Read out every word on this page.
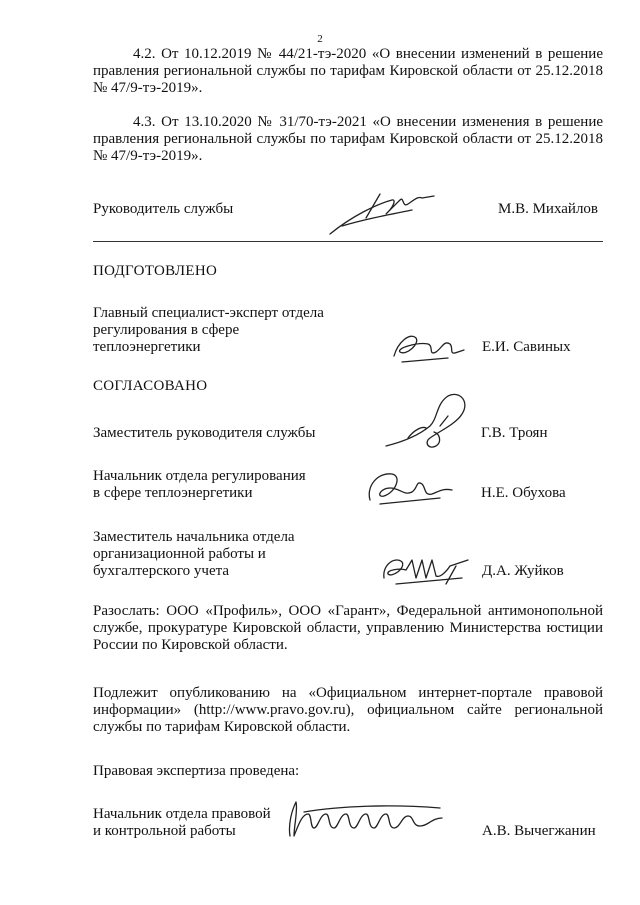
2

4.2. От 10.12.2019 № 44/21-тэ-2020 «О внесении изменений в решение правления региональной службы по тарифам Кировской области от 25.12.2018 № 47/9-тэ-2019».

4.3. От 13.10.2020 № 31/70-тэ-2021 «О внесении изменения в решение правления региональной службы по тарифам Кировской области от 25.12.2018 № 47/9-тэ-2019».

Руководитель службы	М.В. Михайлов
ПОДГОТОВЛЕНО
Главный специалист-эксперт отдела
регулирования в сфере
теплоэнергетики	Е.И. Савиных
СОГЛАСОВАНО
Заместитель руководителя службы	Г.В. Троян
Начальник отдела регулирования
в сфере теплоэнергетики	Н.Е. Обухова
Заместитель начальника отдела
организационной работы и
бухгалтерского учета	Д.А. Жуйков

Разослать: ООО «Профиль», ООО «Гарант», Федеральной антимонопольной службе, прокуратуре Кировской области, управлению Министерства юстиции России по Кировской области.

Подлежит опубликованию на «Официальном интернет-портале правовой информации» (http://www.pravo.gov.ru), официальном сайте региональной службы по тарифам Кировской области.

Правовая экспертиза проведена:
Начальник отдела правовой
и контрольной работы	А.В. Вычегжанин
